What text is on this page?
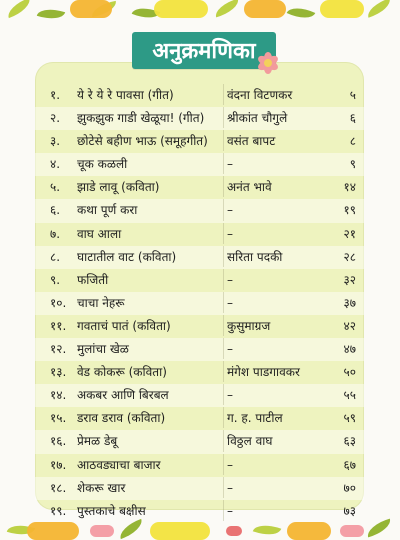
अनुक्रमणिका
१.	ये रे ये रे पावसा (गीत)	वंदना विटणकर	५
२.	झुकझुक गाडी खेळूया! (गीत)	श्रीकांत चौगुले	६
३.	छोटेसे बहीण भाऊ (समूहगीत)	वसंत बापट	८
४.	चूक कळली	–	९
५.	झाडे लावू (कविता)	अनंत भावे	१४
६.	कथा पूर्ण करा	–	१९
७.	वाघ आला	–	२१
८.	घाटातील वाट (कविता)	सरिता पदकी	२८
९.	फजिती	–	३२
१०. चाचा नेहरू	–	३७
११. गवताचं पातं (कविता)	कुसुमाग्रज	४२
१२. मुलांचा खेळ	–	४७
१३. वेड कोकरू (कविता)	मंगेश पाडगावकर	५०
१४. अकबर आणि बिरबल	–	५५
१५. डराव डराव (कविता)	ग. ह. पाटील	५९
१६. प्रेमळ डेबू	विठ्ठल वाघ	६३
१७. आठवड्याचा बाजार	–	६७
१८. शेकरू खार	–	७०
१९. पुस्तकाचे बक्षीस	–	७३
